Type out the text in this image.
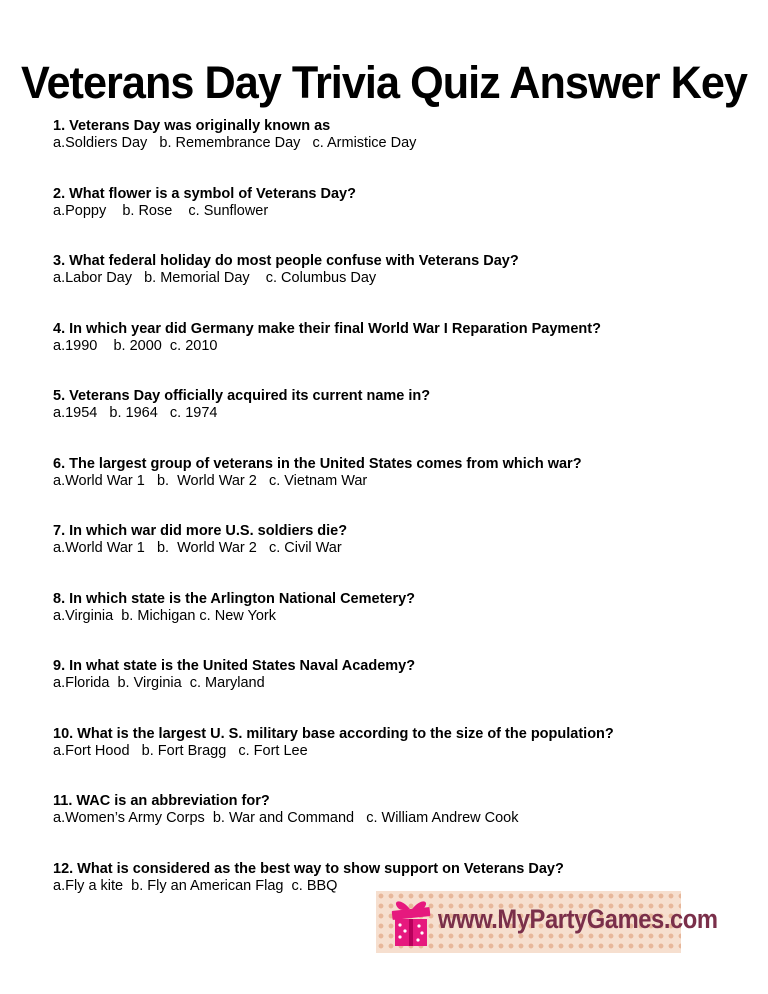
Veterans Day Trivia Quiz Answer Key
1. Veterans Day was originally known as
a.Soldiers Day   b. Remembrance Day   c. Armistice Day
2. What flower is a symbol of Veterans Day?
a.Poppy    b. Rose    c. Sunflower
3. What federal holiday do most people confuse with Veterans Day?
a.Labor Day   b. Memorial Day    c. Columbus Day
4. In which year did Germany make their final World War I Reparation Payment?
a.1990    b. 2000  c. 2010
5. Veterans Day officially acquired its current name in?
a.1954   b. 1964   c. 1974
6. The largest group of veterans in the United States comes from which war?
a.World War 1   b.  World War 2   c. Vietnam War
7. In which war did more U.S. soldiers die?
a.World War 1   b.  World War 2   c. Civil War
8. In which state is the Arlington National Cemetery?
a.Virginia  b. Michigan c. New York
9. In what state is the United States Naval Academy?
a.Florida  b. Virginia  c. Maryland
10. What is the largest U. S. military base according to the size of the population?
a.Fort Hood   b. Fort Bragg   c. Fort Lee
11. WAC is an abbreviation for?
a.Women’s Army Corps  b. War and Command   c. William Andrew Cook
12. What is considered as the best way to show support on Veterans Day?
a.Fly a kite  b. Fly an American Flag  c. BBQ
www.MyPartyGames.com
